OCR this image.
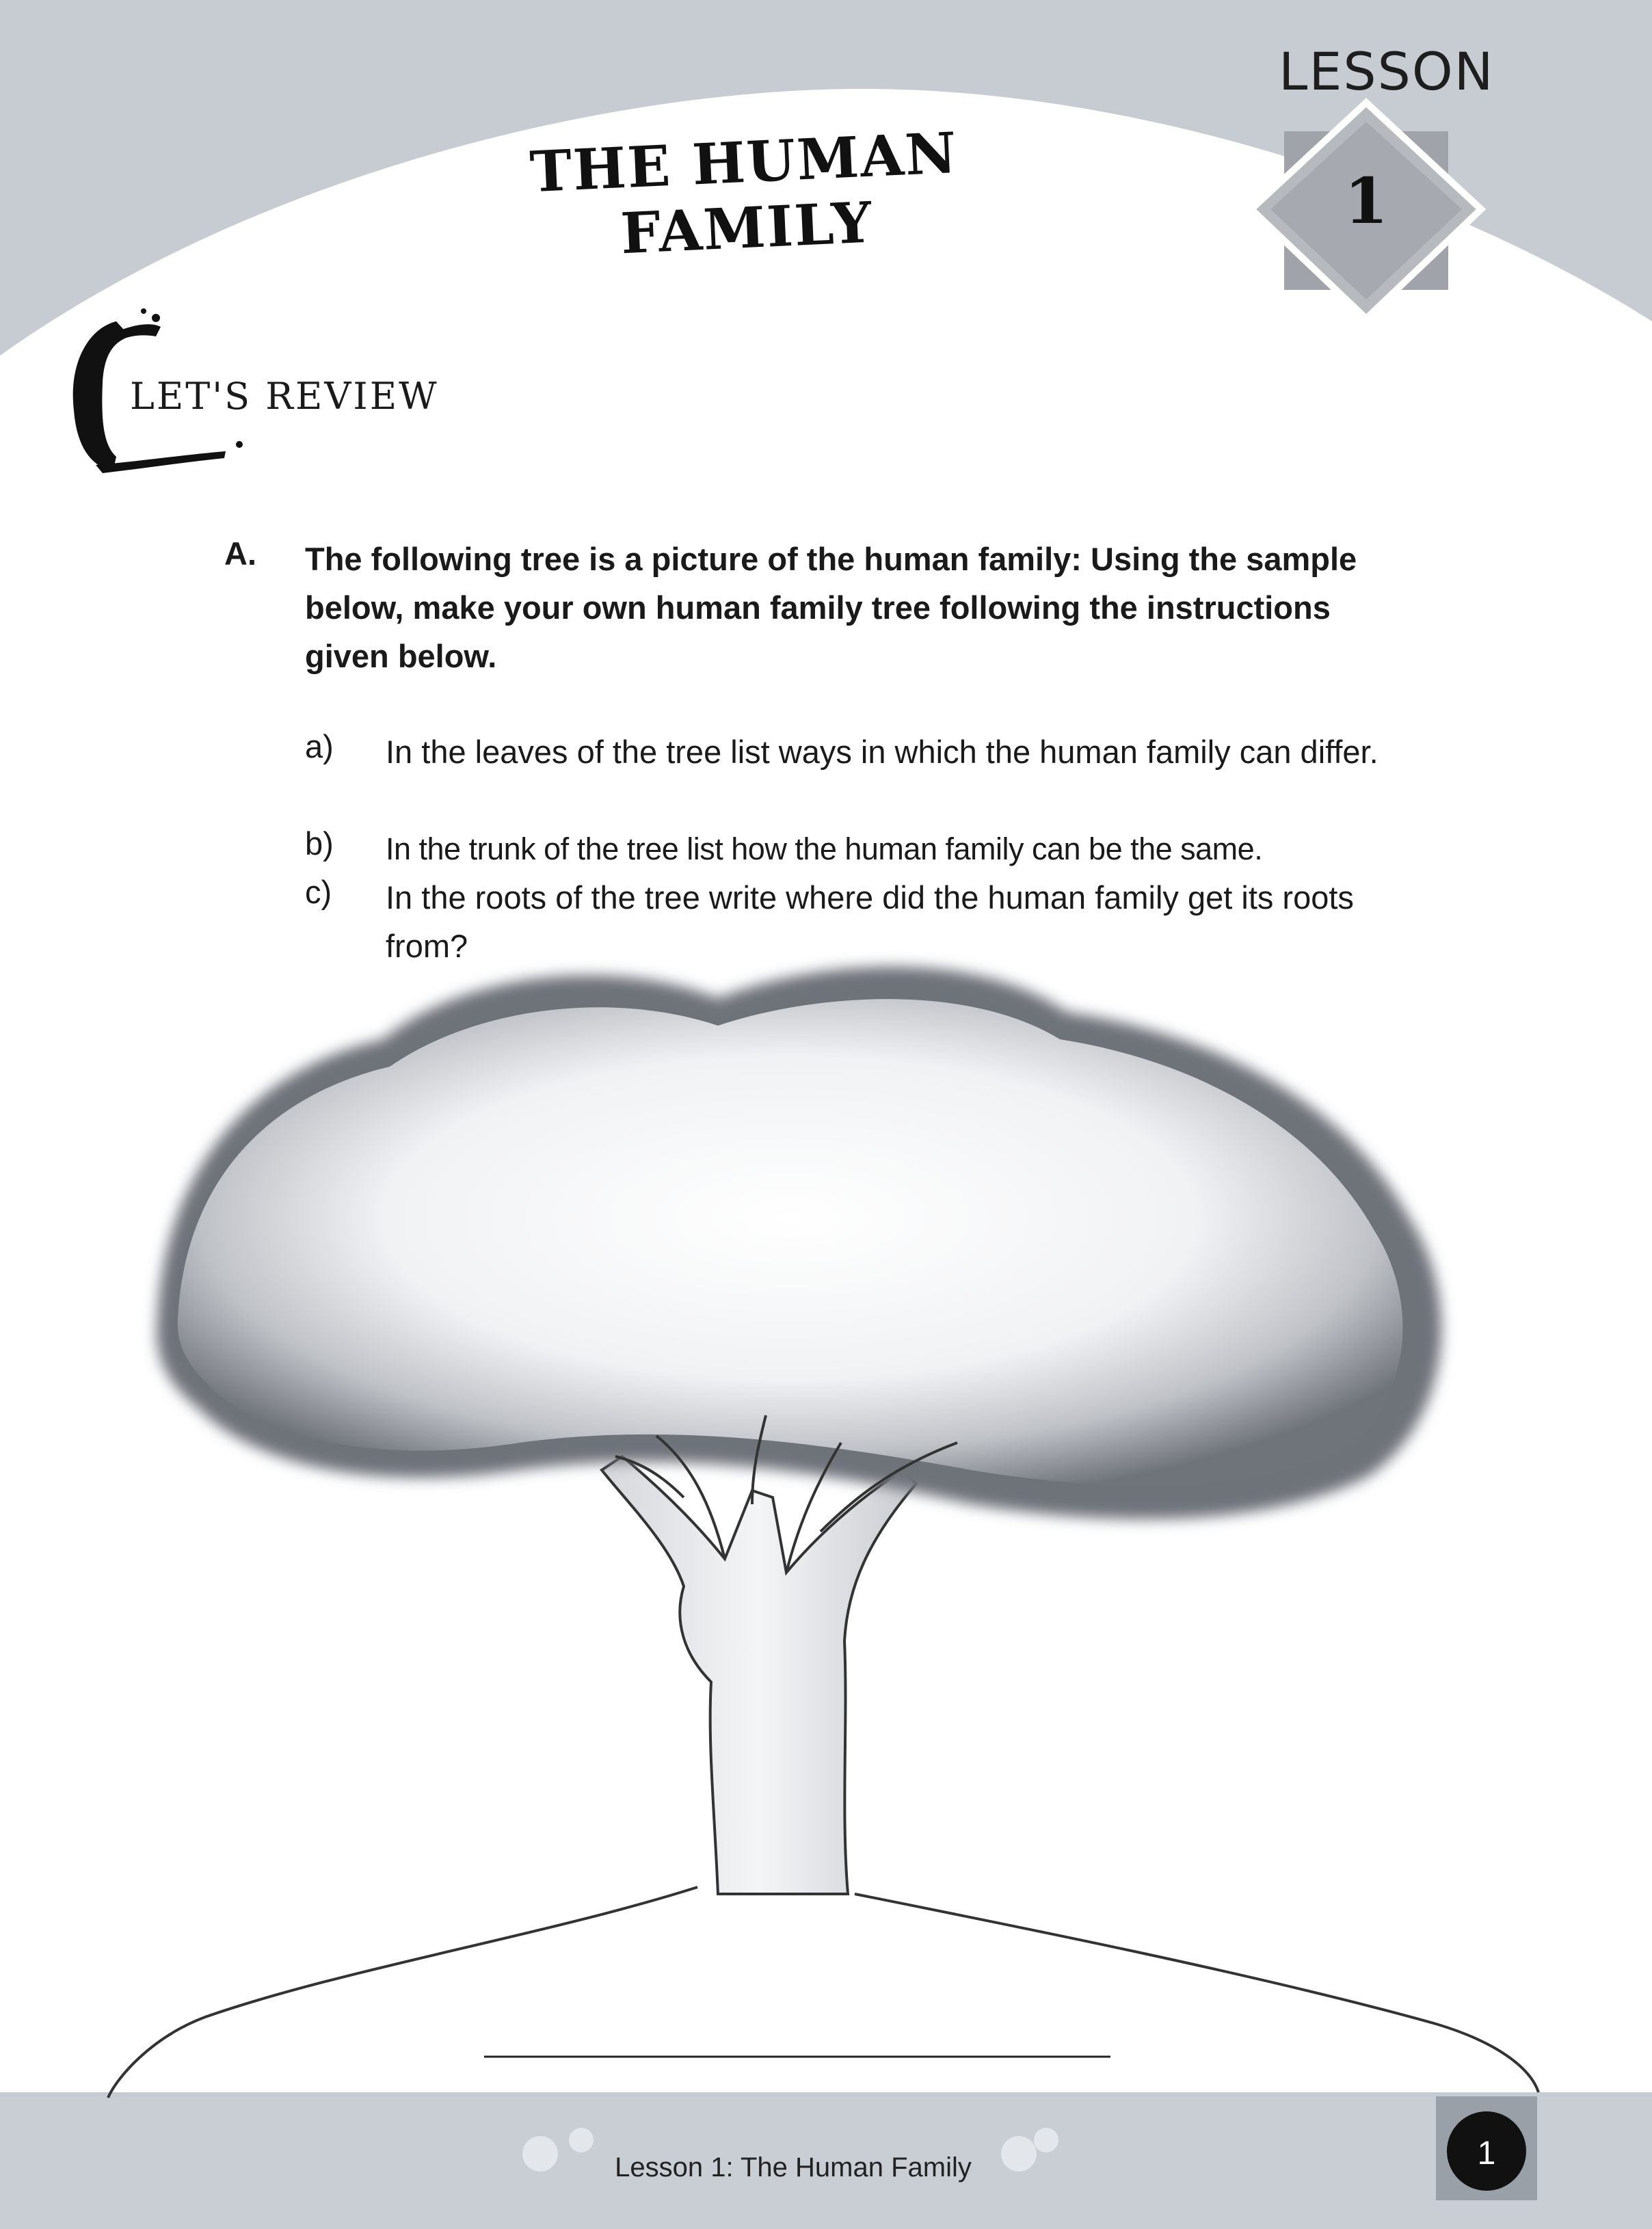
LESSON
1
THE HUMAN FAMILY
LET'S REVIEW
A. The following tree is a picture of the human family: Using the sample below, make your own human family tree following the instructions given below.
a) In the leaves of the tree list ways in which the human family can differ.
b) In the trunk of the tree list how the human family can be the same.
c) In the roots of the tree write where did the human family get its roots from?
Lesson 1: The Human Family	1
